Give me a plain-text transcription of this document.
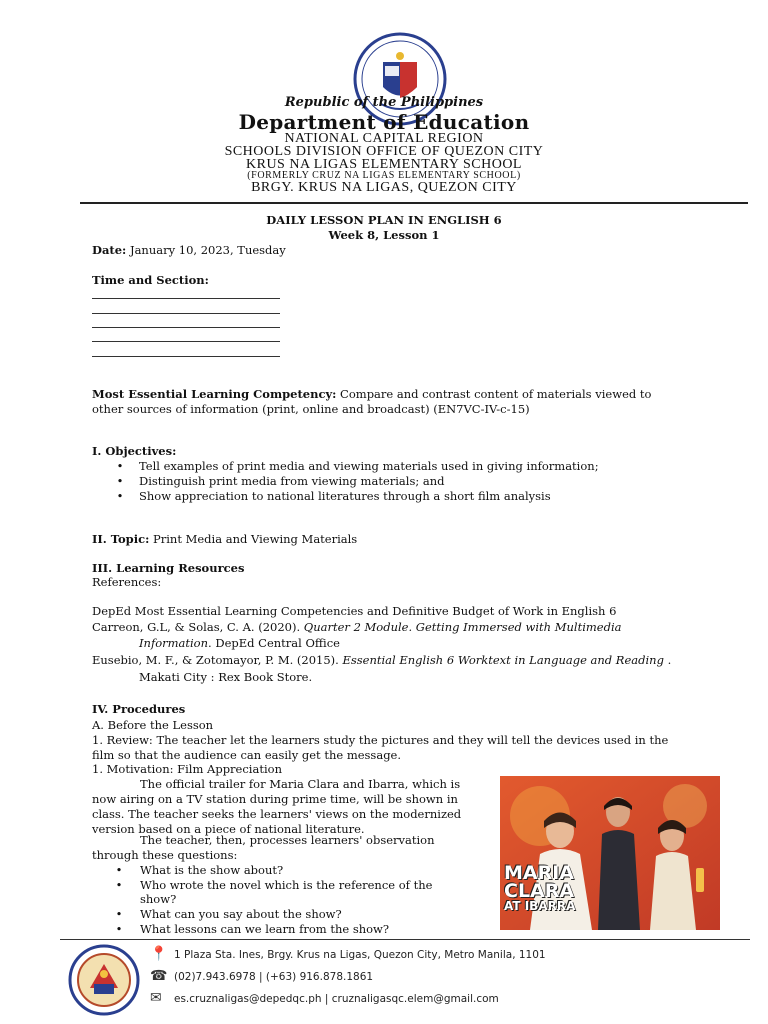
Republic of the Philippines
Department of Education
NATIONAL CAPITAL REGION
SCHOOLS DIVISION OFFICE OF QUEZON CITY
KRUS NA LIGAS ELEMENTARY SCHOOL
(FORMERLY CRUZ NA LIGAS ELEMENTARY SCHOOL)
BRGY. KRUS NA LIGAS, QUEZON CITY
DAILY LESSON PLAN IN ENGLISH 6
Week 8, Lesson 1
Date: January 10, 2023, Tuesday
Time and Section:
Most Essential Learning Competency: Compare and contrast content of materials viewed to
other sources of information (print, online and broadcast) (EN7VC-IV-c-15)
I. Objectives:
• Tell examples of print media and viewing materials used in giving information;
• Distinguish print media from viewing materials; and
• Show appreciation to national literatures through a short film analysis
II. Topic: Print Media and Viewing Materials
III. Learning Resources
References:
DepEd Most Essential Learning Competencies and Definitive Budget of Work in English 6
Carreon, G.L, & Solas, C. A. (2020). Quarter 2 Module. Getting Immersed with Multimedia
Information. DepEd Central Office
Eusebio, M. F., & Zotomayor, P. M. (2015). Essential English 6 Worktext in Language and Reading .
Makati City : Rex Book Store.
IV. Procedures
A. Before the Lesson
1. Review: The teacher let the learners study the pictures and they will tell the devices used in the
film so that the audience can easily get the message.
1. Motivation: Film Appreciation
The official trailer for Maria Clara and Ibarra, which is
now airing on a TV station during prime time, will be shown in
class. The teacher seeks the learners' views on the modernized
version based on a piece of national literature.
The teacher, then, processes learners' observation
through these questions:
• What is the show about?
• Who wrote the novel which is the reference of the
show?
• What can you say about the show?
• What lessons can we learn from the show?
MARIA
CLARA
AT IBARRA
📍 1 Plaza Sta. Ines, Brgy. Krus na Ligas, Quezon City, Metro Manila, 1101
☎ (02)7.943.6978 | (+63) 916.878.1861
✉ es.cruznaligas@depedqc.ph | cruznaligasqc.elem@gmail.com
